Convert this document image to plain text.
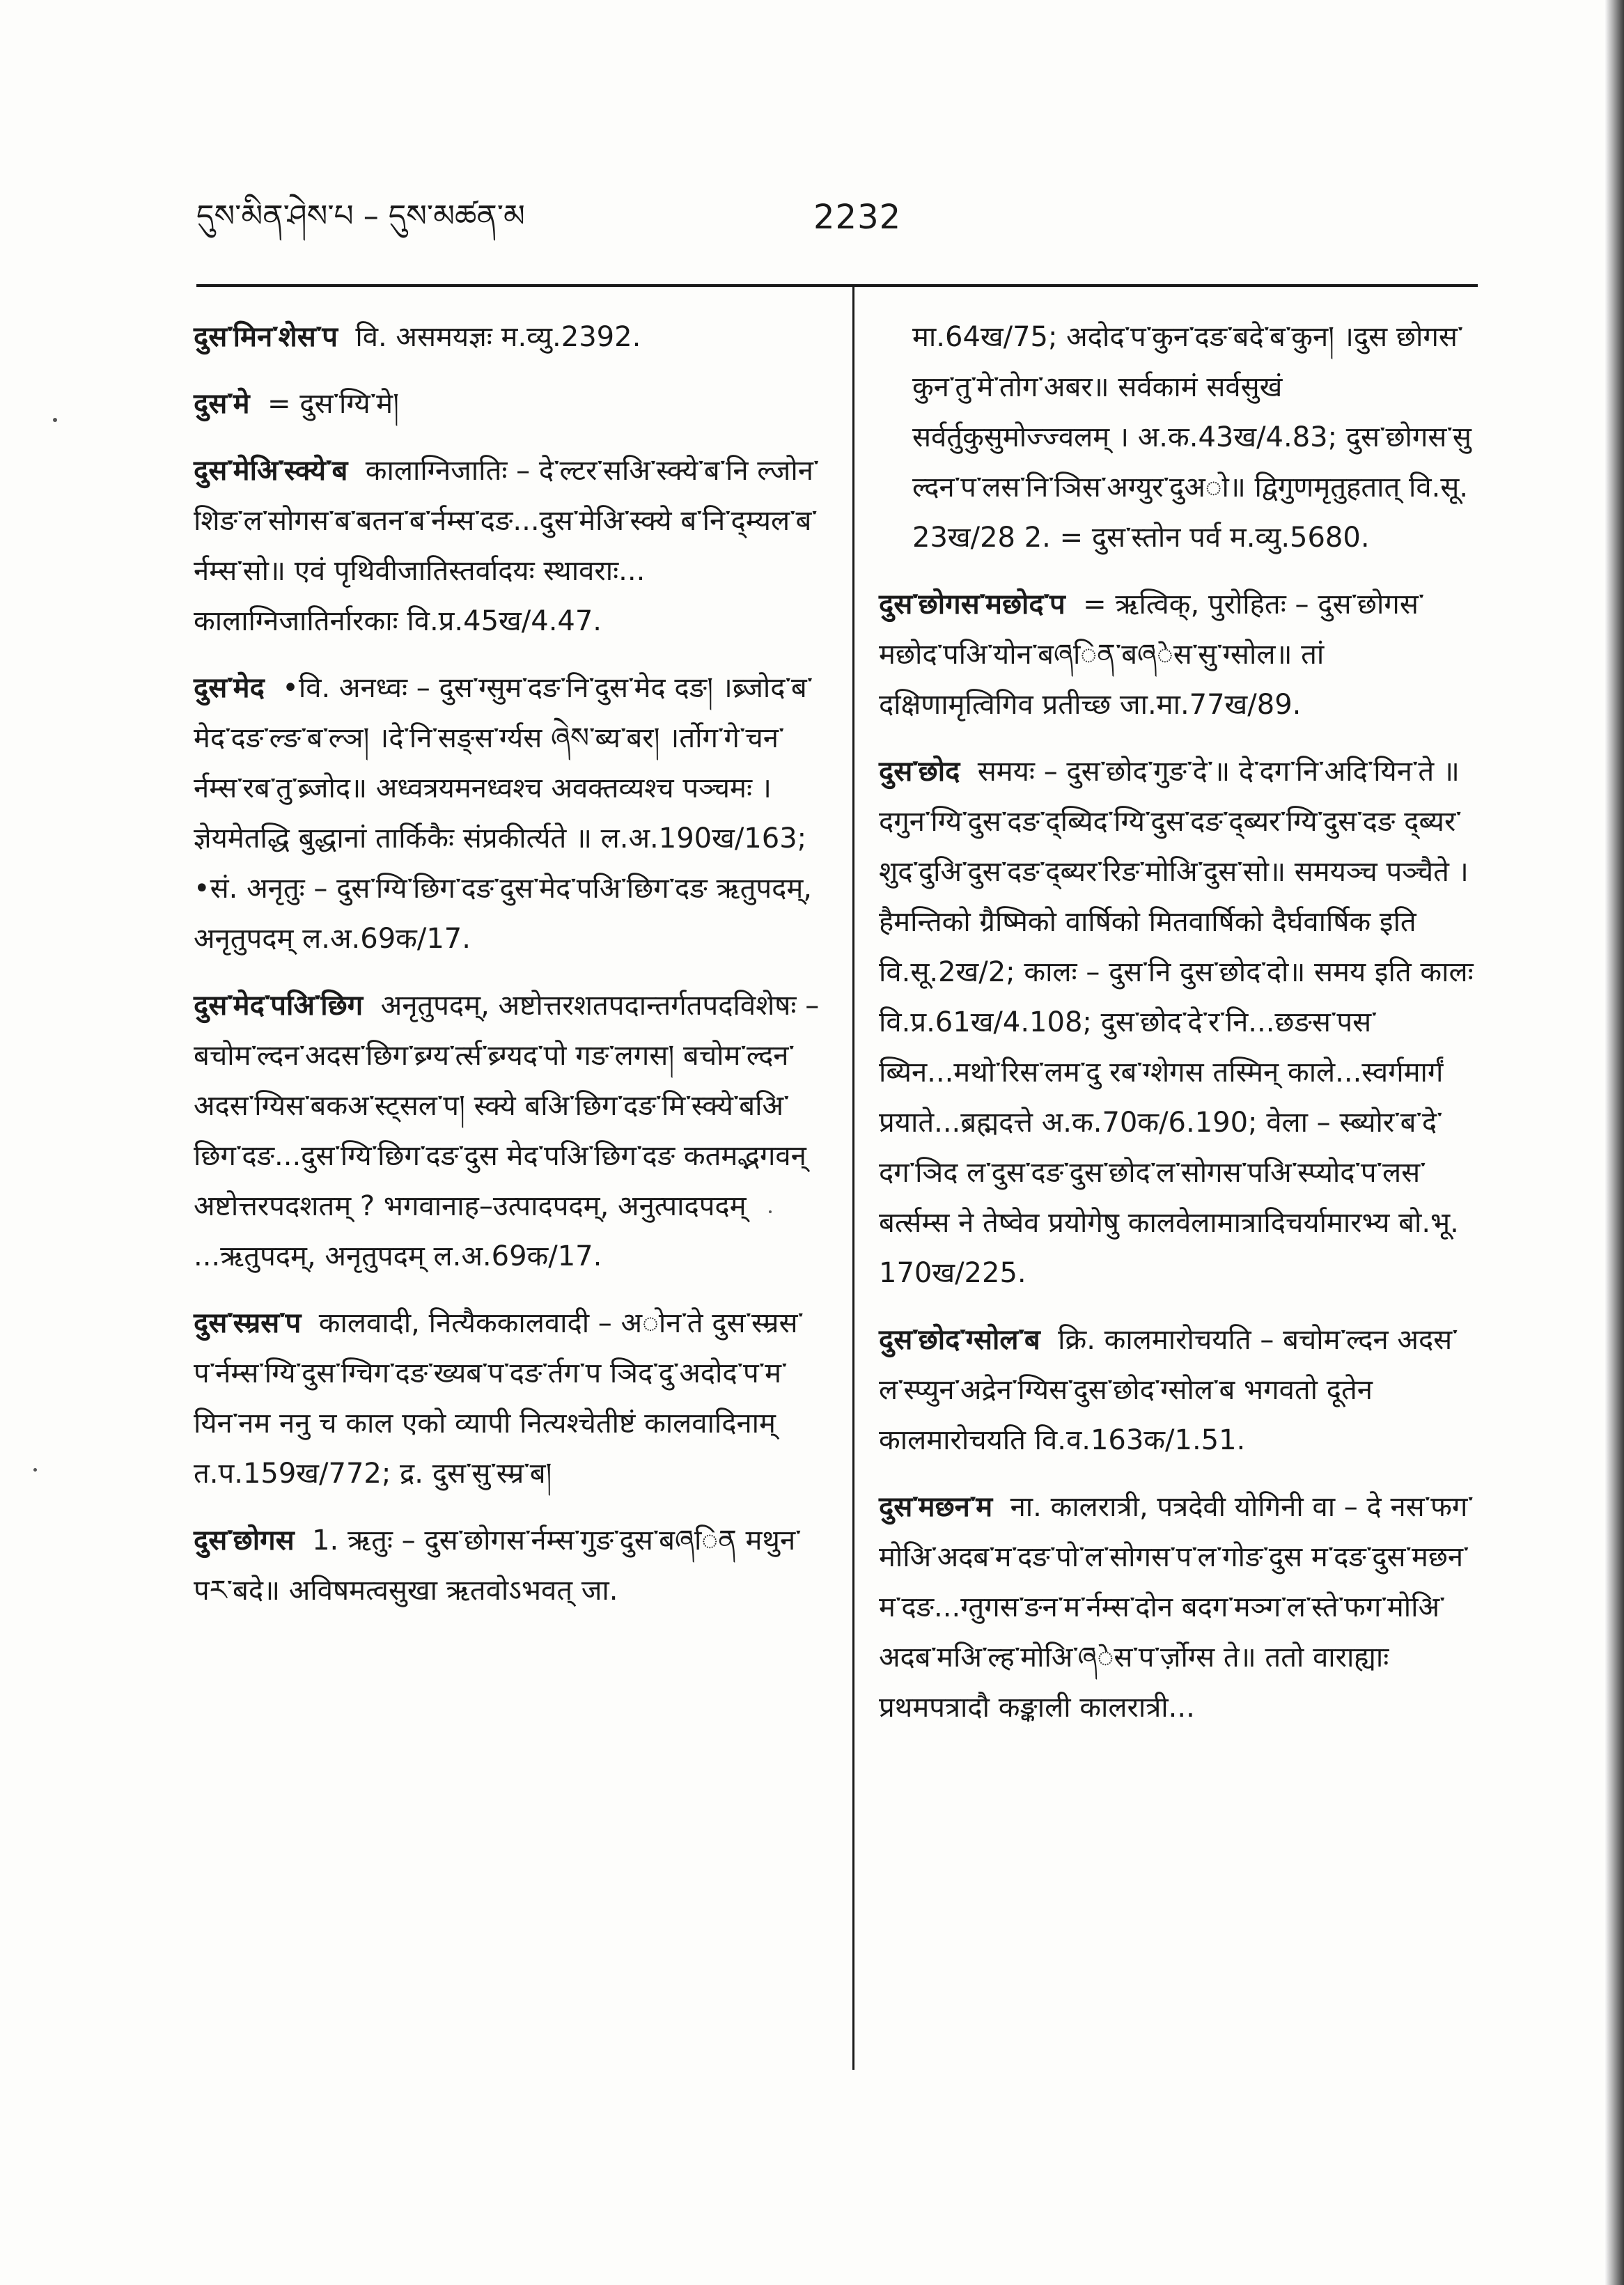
དུས་མིན་ཤེས་པ – དུས་མཚན་མ	2232

दुस་मिन་शेस་प वि. असमयज्ञः म.व्यु.2392.

दुस་मे = दुस་ग्यि་मे།

दुस་मेअि་स्क्ये་ब कालाग्निजातिः – दे་ल्टर་सअि་स्क्ये་ब་नि ल्जोन་शिङ་ल་सोगस་ब་बतन་ब་र्नम्स་दङ...दुस་मेअि་स्क्ये ब་नि་द्म्यल་ब་र्नम्स་सो॥ एवं पृथिवीजातिस्तर्वादयः स्थावराः... कालाग्निजातिर्नारकाः वि.प्र.45ख/4.47.

दुस་मेद •वि. अनध्वः – दुस་ग्सुम་दङ་नि་दुस་मेद दङ། ।ब्र्जोद་ब་मेद་दङ་ल्ङ་ब་ल्ञ། ।दे་नि་सङ्स་र्ग्यस ཞེས་ब्य་बर། ।र्तोग་गे་चन་र्नम्स་रब་तु་ब्र्जोद॥ अध्वत्रयमनध्वश्च अवक्तव्यश्च पञ्चमः । ज्ञेयमेतद्धि बुद्धानां तार्किकैः संप्रकीर्त्यते ॥ ल.अ.190ख/163; •सं. अनृतुः – दुस་ग्यि་छिग་दङ་दुस་मेद་पअि་छिग་दङ ऋतुपदम्, अनृतुपदम् ल.अ.69क/17.

दुस་मेद་पअि་छिग अनृतुपदम्, अष्टोत्तरशतपदान्तर्गतपदविशेषः – बचोम་ल्दन་अदस་छिग་ब्र्ग्य་र्त्स་ब्र्ग्यद་पो गङ་लगस། बचोम་ल्दन་अदस་ग्यिस་बकअ་स्ट्सल་प། स्क्ये बअि་छिग་दङ་मि་स्क्ये་बअि་छिग་दङ...दुस་ग्यि་छिग་दङ་दुस मेद་पअि་छिग་दङ कतमद्भगवन् अष्टोत्तरपदशतम् ? भगवानाह–उत्पादपदम्, अनुत्पादपदम् ...ऋतुपदम्, अनृतुपदम् ल.अ.69क/17.

दुस་स्म्रस་प कालवादी, नित्यैककालवादी – अोन་ते दुस་स्म्रस་प་र्नम्स་ग्यि་दुस་ग्चिग་दङ་ख्यब་प་दङ་र्तग་प ञिद་दु་अदोद་प་म་यिन་नम ननु च काल एको व्यापी नित्यश्चेतीष्टं कालवादिनाम् त.प.159ख/772; द्र. दुस་सु་स्म्र་ब།

दुस་छोगस 1. ऋतुः – दुस་छोगस་र्नम्स་गुङ་दुस་बཞिན मथुन་पར་बदे॥ अविषमत्वसुखा ऋतवोऽभवत् जा.

मा.64ख/75; अदोद་प་कुन་दङ་बदे་ब་कुन། ।दुस छोगस་कुन་तु་मे་तोग་अबर॥ सर्वकामं सर्वसुखं सर्वर्तुकुसुमोज्ज्वलम् । अ.क.43ख/4.83; दुस་छोगस་सु ल्दन་प་लस་नि་ञिस་अग्युर་दुअो॥ द्विगुणमृतुहतात् वि.सू. 23ख/28 2. = दुस་स्तोन पर्व म.व्यु.5680.

दुस་छोगस་मछोद་प = ऋत्विक्, पुरोहितः – दुस་छोगस་मछोद་पअि་योन་बཞिན་बཞेस་सु་ग्सोल॥ तां दक्षिणामृत्विगिव प्रतीच्छ जा.मा.77ख/89.

दुस་छोद समयः – दुस་छोद་गुङ་दे་॥ दे་दग་नि་अदि་यिन་ते ॥ दगुन་ग्यि་दुस་दङ་द्ब्यिद་ग्यि་दुस་दङ་द्ब्यर་ग्यि་दुस་दङ द्ब्यर་शुद་दुअि་दुस་दङ་द्ब्यर་रिङ་मोअि་दुस་सो॥ समयञ्च पञ्चैते । हैमन्तिको ग्रैष्मिको वार्षिको मितवार्षिको दैर्घवार्षिक इति वि.सू.2ख/2; कालः – दुस་नि दुस་छोद་दो॥ समय इति कालः वि.प्र.61ख/4.108; दुस་छोद་दे་र་नि...छङस་पस་ब्यिन...मथो་रिस་लम་दु रब་ग्शेगस तस्मिन् काले...स्वर्गमार्गं प्रयाते...ब्रह्मदत्ते अ.क.70क/6.190; वेला – स्ब्योर་ब་दे་दग་ञिद ल་दुस་दङ་दुस་छोद་ल་सोगस་पअि་स्प्योद་प་लस་बर्त्सम्स ने तेष्वेव प्रयोगेषु कालवेलामात्रादिचर्यामारभ्य बो.भू. 170ख/225.

दुस་छोद་ग्सोल་ब क्रि. कालमारोचयति – बचोम་ल्दन अदस་ल་स्प्युन་अद्रेन་ग्यिस་दुस་छोद་ग्सोल་ब भगवतो दूतेन कालमारोचयति वि.व.163क/1.51.

दुस་मछन་म ना. कालरात्री, पत्रदेवी योगिनी वा – दे नस་फग་मोअि་अदब་म་दङ་पो་ल་सोगस་प་ल་गोङ་दुस म་दङ་दुस་मछन་म་दङ...ग्तुगस་ङन་म་र्नम्स་दोन बदग་मञ्ग་ल་स्ते་फग་मोअि་अदब་मअि་ल्ह་मोअि་ཞेस་प་र्ज़ोग्स ते॥ ततो वाराह्याः प्रथमपत्रादौ कङ्काली कालरात्री...
